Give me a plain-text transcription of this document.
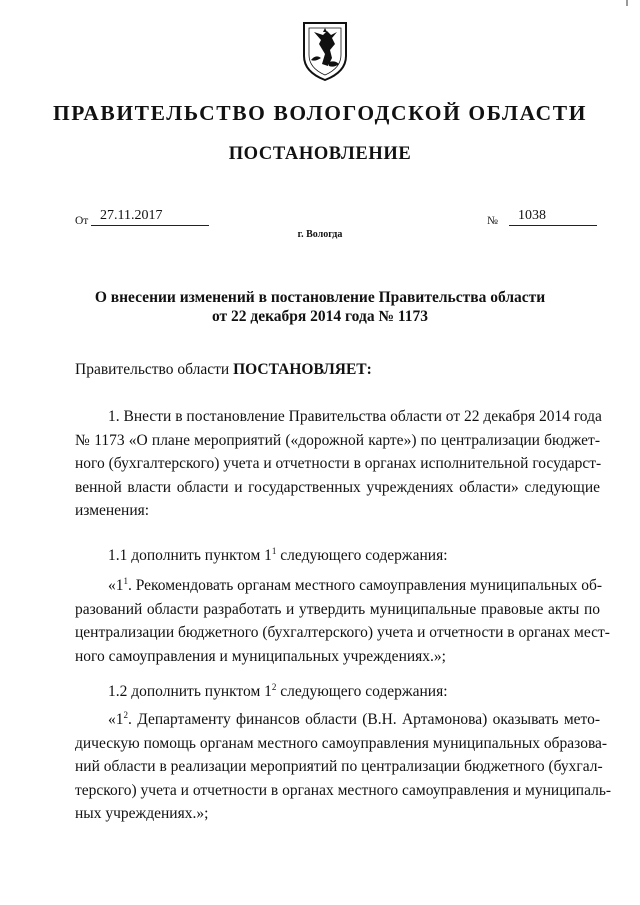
ПРАВИТЕЛЬСТВО ВОЛОГОДСКОЙ ОБЛАСТИ
ПОСТАНОВЛЕНИЕ
От 27.11.2017	№ 1038
г. Вологда
О внесении изменений в постановление Правительства области
от 22 декабря 2014 года № 1173
Правительство области ПОСТАНОВЛЯЕТ:
1. Внести в постановление Правительства области от 22 декабря 2014 года
№ 1173 «О плане мероприятий («дорожной карте») по централизации бюджет-
ного (бухгалтерского) учета и отчетности в органах исполнительной государст-
венной власти области и государственных учреждениях области» следующие
изменения:
1.1 дополнить пунктом $1^1$ следующего содержания:
«$1^1$. Рекомендовать органам местного самоуправления муниципальных об-
разований области разработать и утвердить муниципальные правовые акты по
централизации бюджетного (бухгалтерского) учета и отчетности в органах мест-
ного самоуправления и муниципальных учреждениях.»;
1.2 дополнить пунктом $1^2$ следующего содержания:
«$1^2$. Департаменту финансов области (В.Н. Артамонова) оказывать мето-
дическую помощь органам местного самоуправления муниципальных образова-
ний области в реализации мероприятий по централизации бюджетного (бухгал-
терского) учета и отчетности в органах местного самоуправления и муниципаль-
ных учреждениях.»;
